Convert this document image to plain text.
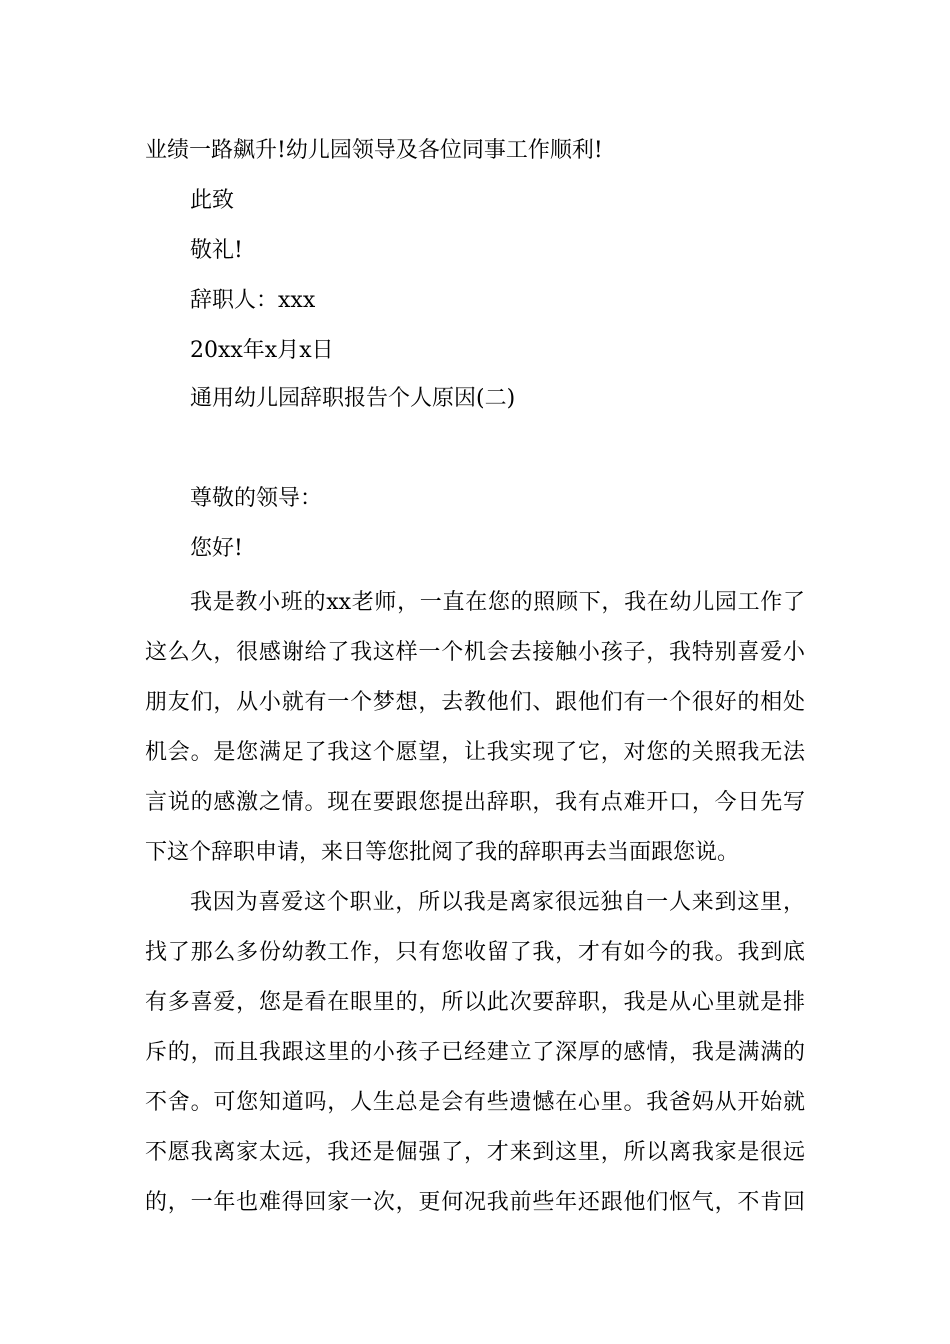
业绩一路飙升!幼儿园领导及各位同事工作顺利!
此致
敬礼!
辞职人：xxx
20xx年x月x日
通用幼儿园辞职报告个人原因(二)
尊敬的领导：
您好!
我是教小班的xx老师，一直在您的照顾下，我在幼儿园工作了
这么久，很感谢给了我这样一个机会去接触小孩子，我特别喜爱小
朋友们，从小就有一个梦想，去教他们、跟他们有一个很好的相处
机会。是您满足了我这个愿望，让我实现了它，对您的关照我无法
言说的感激之情。现在要跟您提出辞职，我有点难开口，今日先写
下这个辞职申请，来日等您批阅了我的辞职再去当面跟您说。
我因为喜爱这个职业，所以我是离家很远独自一人来到这里，
找了那么多份幼教工作，只有您收留了我，才有如今的我。我到底
有多喜爱，您是看在眼里的，所以此次要辞职，我是从心里就是排
斥的，而且我跟这里的小孩子已经建立了深厚的感情，我是满满的
不舍。可您知道吗，人生总是会有些遗憾在心里。我爸妈从开始就
不愿我离家太远，我还是倔强了，才来到这里，所以离我家是很远
的，一年也难得回家一次，更何况我前些年还跟他们怄气，不肯回
